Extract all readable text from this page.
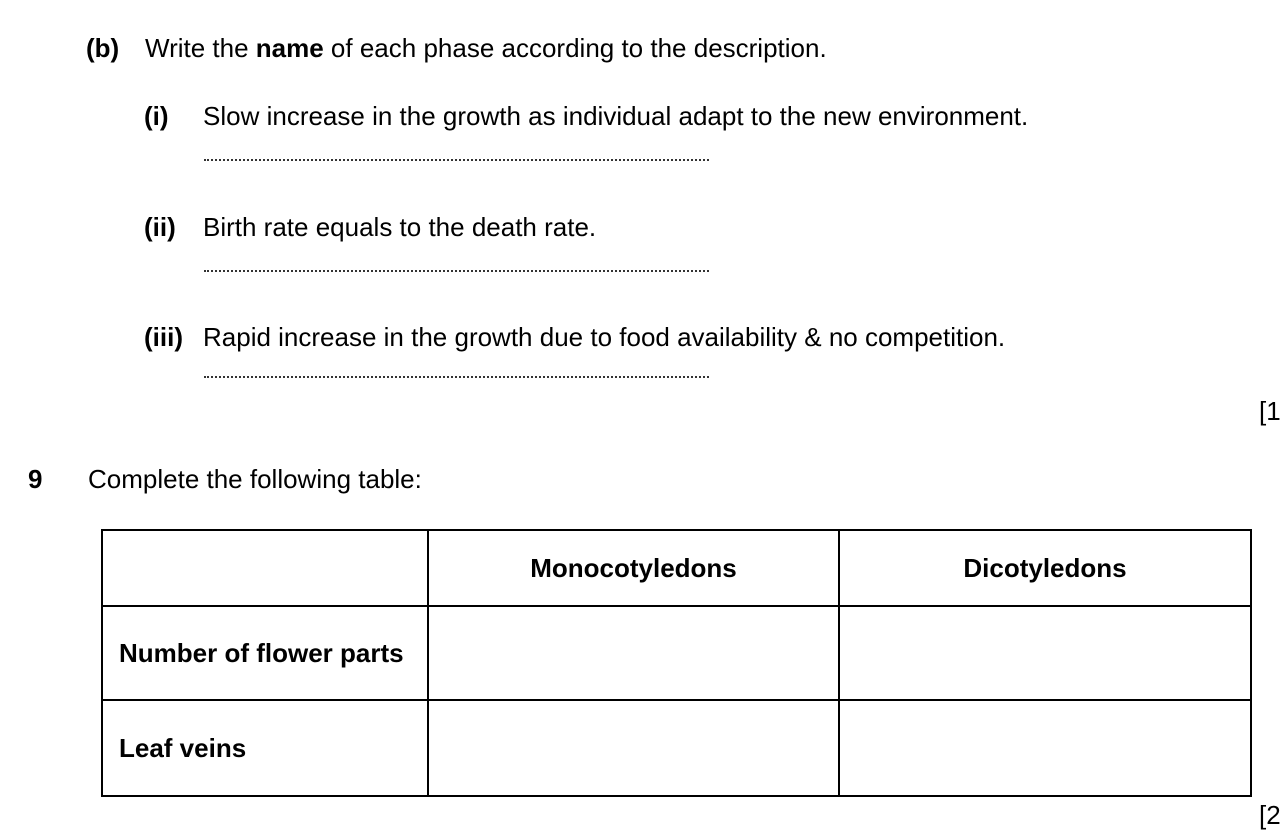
(b) Write the name of each phase according to the description.
(i) Slow increase in the growth as individual adapt to the new environment.
(ii) Birth rate equals to the death rate.
(iii) Rapid increase in the growth due to food availability & no competition.
[1
9 Complete the following table:
	Monocotyledons	Dicotyledons
Number of flower parts		
Leaf veins		
[2
